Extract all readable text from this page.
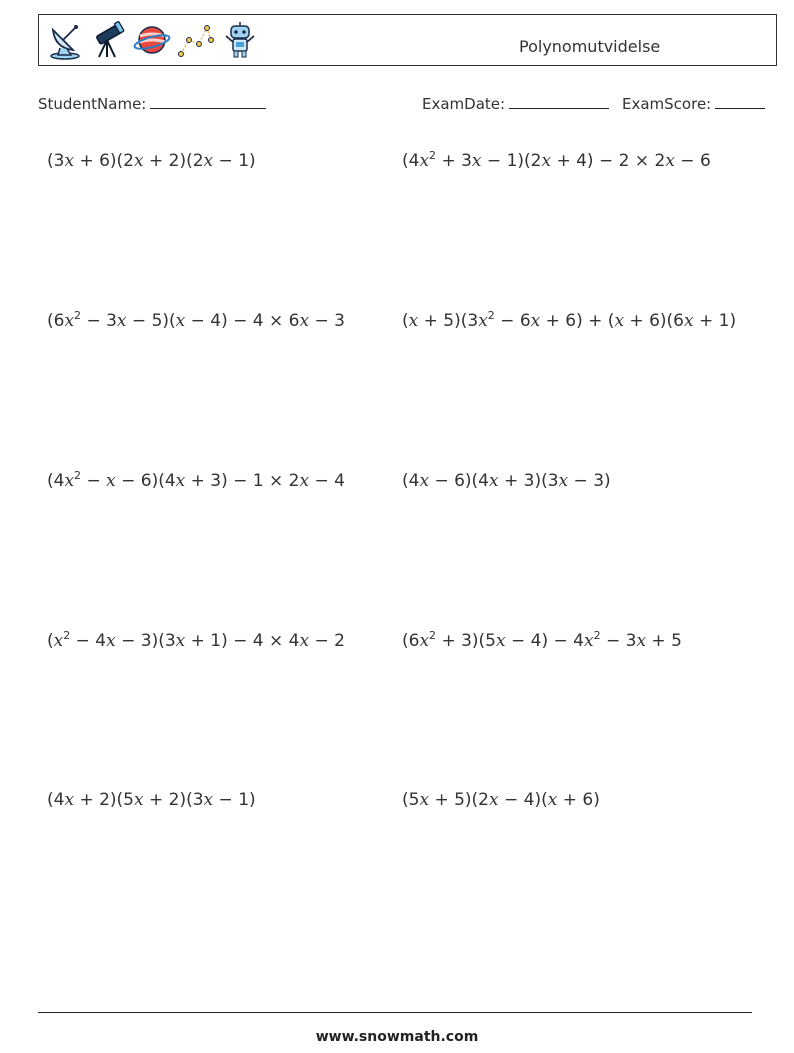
Polynomutvidelse
StudentName:	ExamDate:	ExamScore:
(3x + 6)(2x + 2)(2x − 1)	$(4x^2 + 3x - 1)(2x + 4) - 2 \times 2x - 6$
$(6x^2 - 3x - 5)(x - 4) - 4 \times 6x - 3$	$(x + 5)(3x^2 - 6x + 6) + (x + 6)(6x + 1)$
$(4x^2 - x - 6)(4x + 3) - 1 \times 2x - 4$	(4x − 6)(4x + 3)(3x − 3)
$(x^2 - 4x - 3)(3x + 1) - 4 \times 4x - 2$	$(6x^2 + 3)(5x - 4) - 4x^2 - 3x + 5$
(4x + 2)(5x + 2)(3x − 1)	(5x + 5)(2x − 4)(x + 6)
www.snowmath.com
